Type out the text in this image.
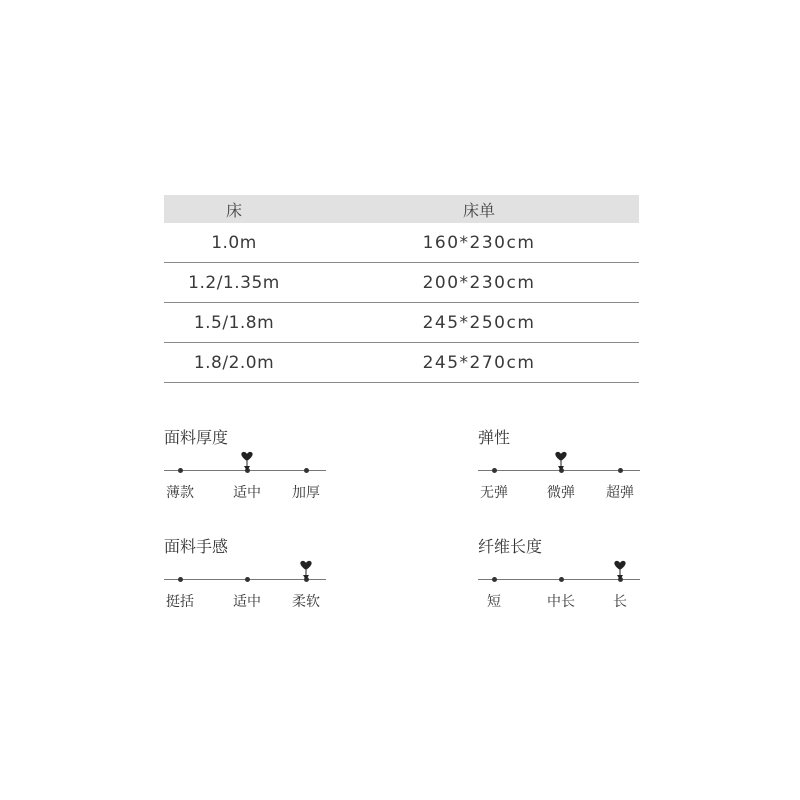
床	床单
1.0m	160*230cm
1.2/1.35m	200*230cm
1.5/1.8m	245*250cm
1.8/2.0m	245*270cm
面料厚度
薄款	适中 加厚
弹性
无弹	微弹 超弹
面料手感
挺括	适中 柔软
纤维长度
短	中长	长
